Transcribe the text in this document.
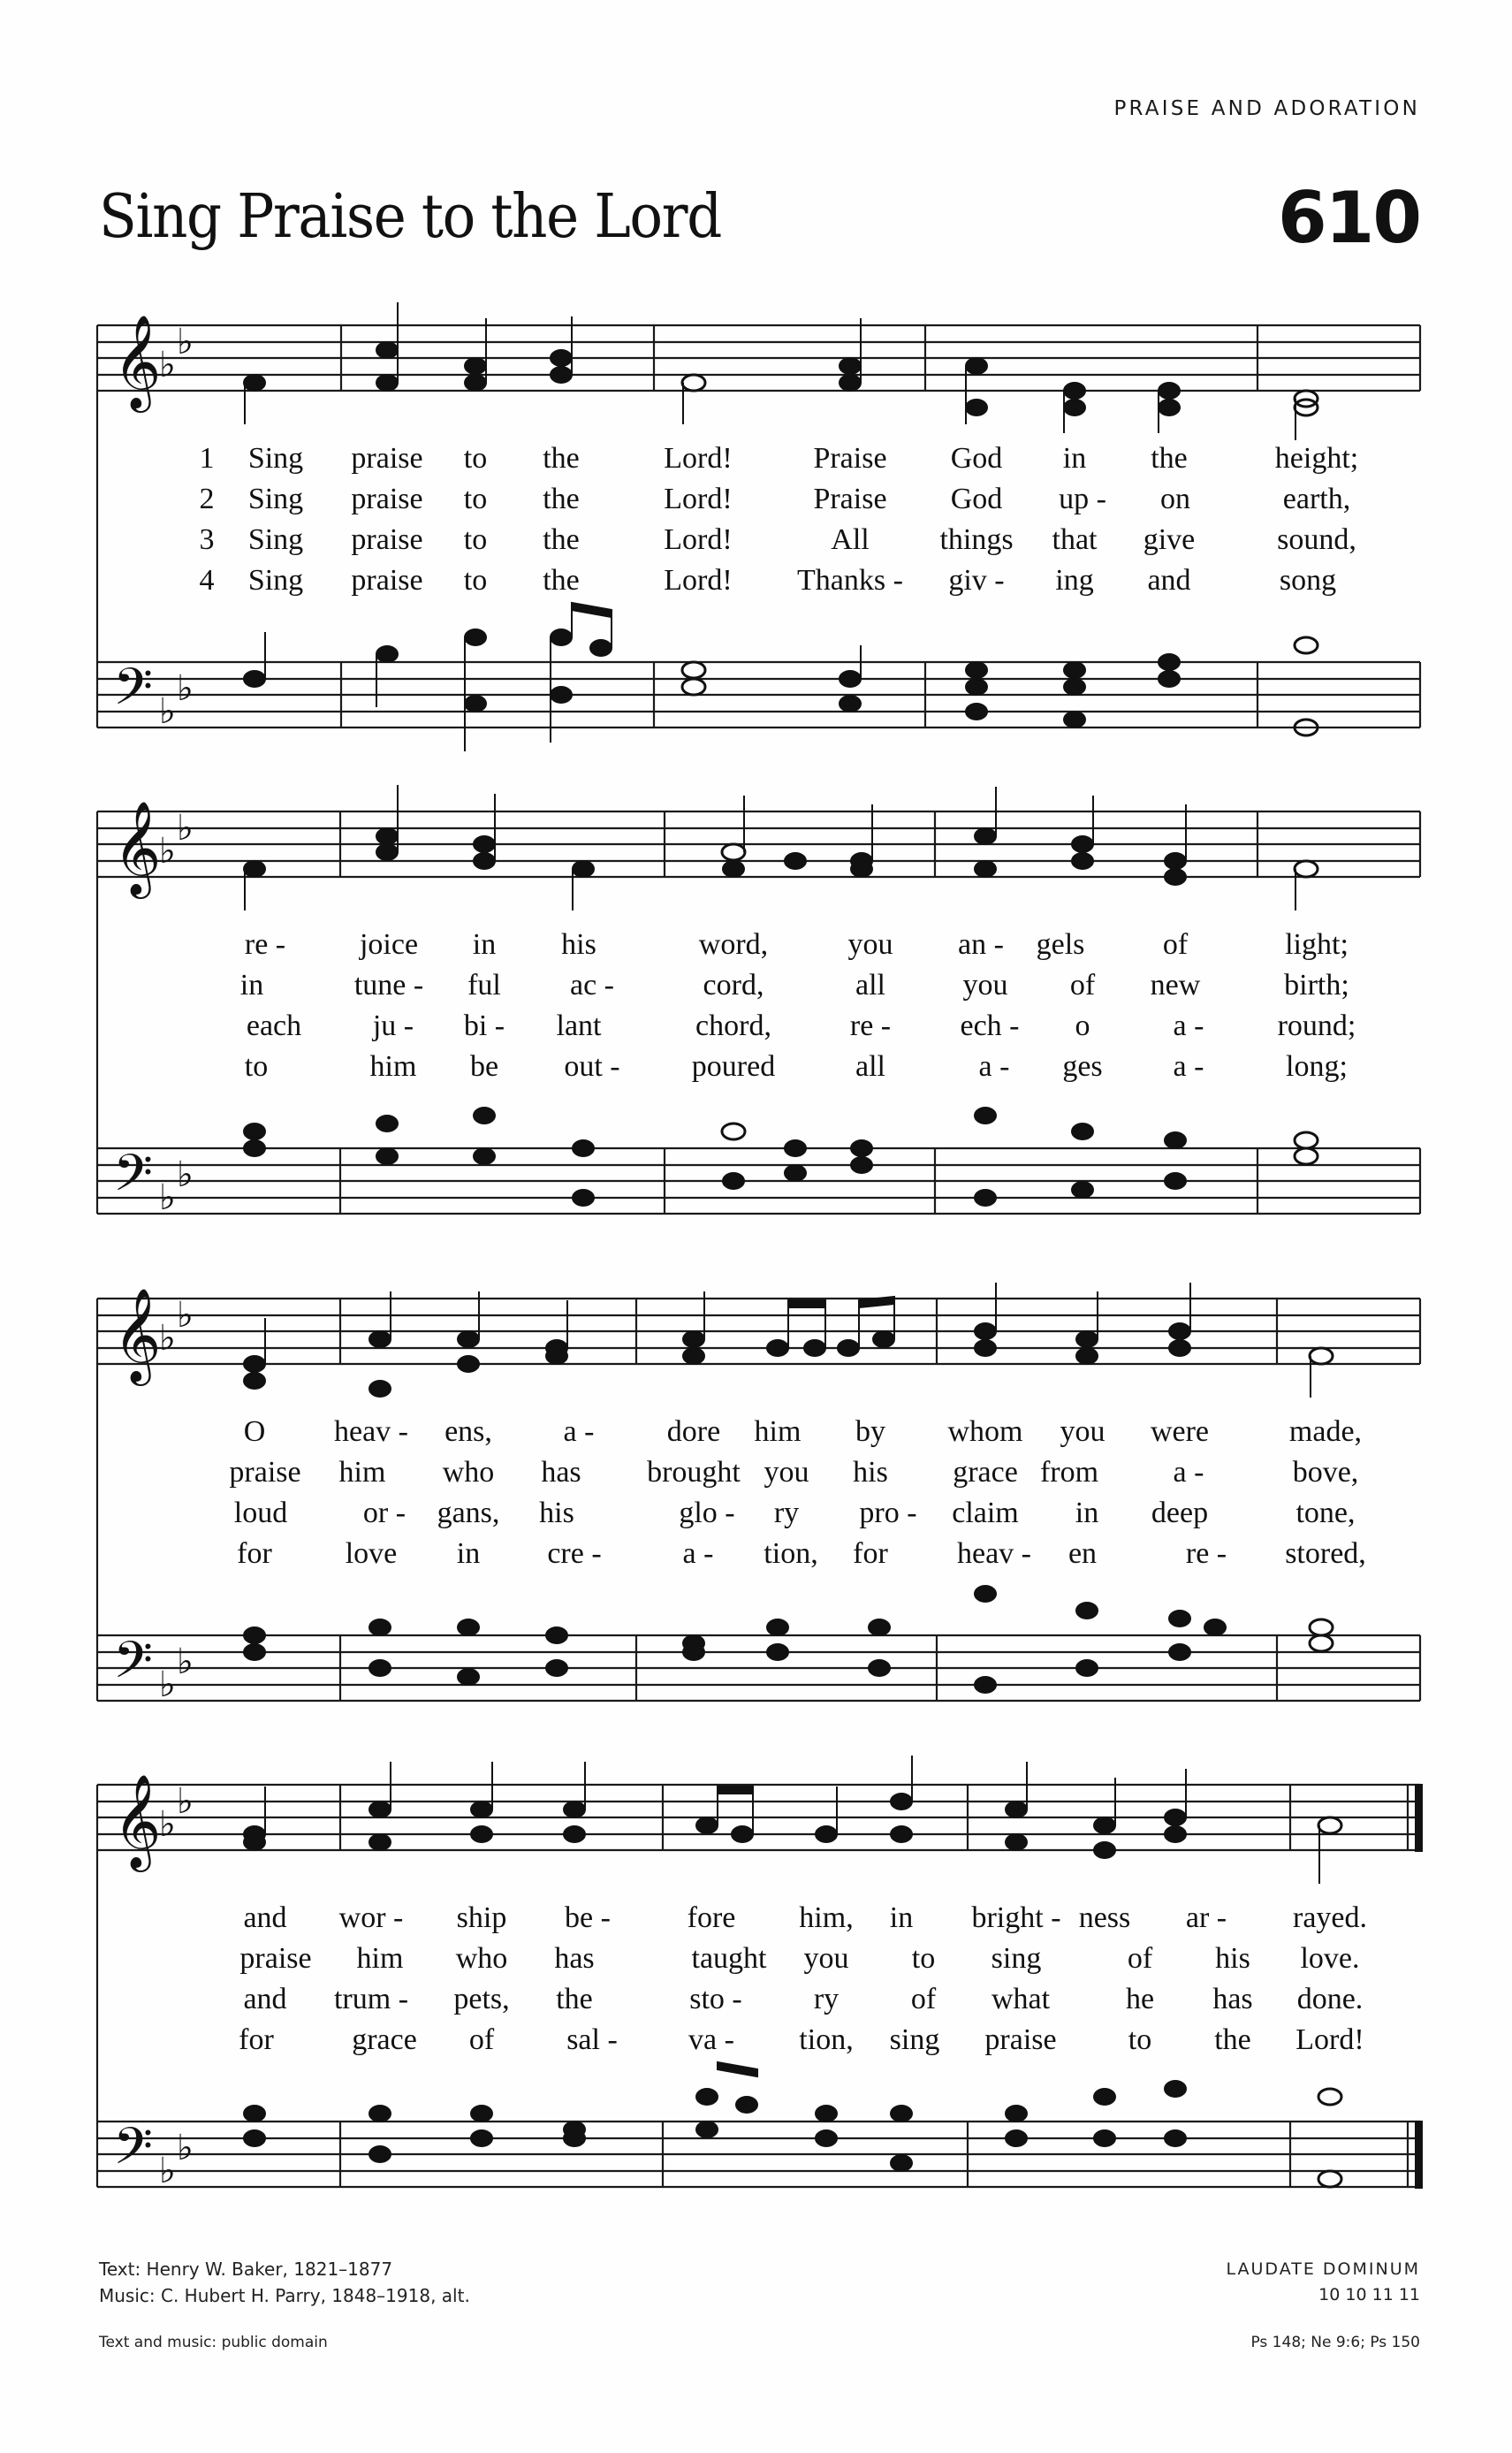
PRAISE AND ADORATION
Sing Praise to the Lord	610
𝄞 ♭
♭
𝄢 ♭
♭
1 Sing praise to the	Lord!	Praise God in the	height;
2 Sing praise to the	Lord!	Praise God up - on	earth,
3 Sing praise to the	Lord!	All things that give	sound,
4 Sing praise to the	Lord! Thanks - giv - ing and	song
𝄞 ♭
♭
𝄢 ♭
♭
re - joice in his	word,	you an - gels	of	light;
in	tune - ful ac -	cord,	all	you of new	birth;
each ju - bi - lant	chord,	re - ech - o	a - round;
to	him be out - poured	all	a - ges a -	long;
𝄞 ♭
♭
𝄢 ♭
♭
O heav - ens, a - dore him by whom you were	made,
praise him who has brought you his grace from a -	bove,
loud	or - gans, his	glo - ry pro - claim in deep	tone,
for love in cre -	a - tion, for heav - en	re - stored,
𝄞 ♭
♭
𝄢 ♭
♭
and wor - ship be -	fore him, in bright - ness ar - rayed.
praise him who has	taught you to sing	of his love.
and trum - pets, the	sto - ry of what	he has done.
for	grace of sal - va - tion, sing praise to the Lord!
Text: Henry W. Baker, 1821–1877
Music: C. Hubert H. Parry, 1848–1918, alt.
Text and music: public domain
LAUDATE DOMINUM
10 10 11 11
Ps 148; Ne 9:6; Ps 150
